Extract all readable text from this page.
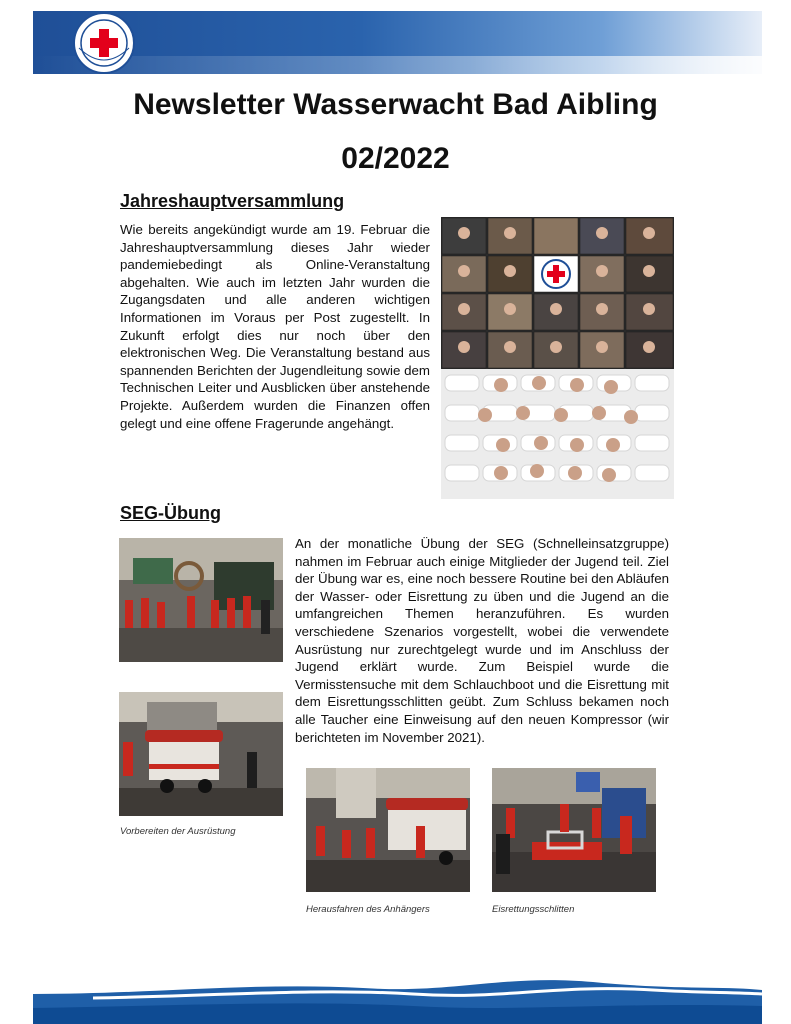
Newsletter Wasserwacht Bad Aibling
02/2022
Jahreshauptversammlung
Wie bereits angekündigt wurde am 19. Februar die Jahreshauptversammlung dieses Jahr wieder pandemiebedingt als Online-Veranstaltung abgehalten. Wie auch im letzten Jahr wurden die Zugangsdaten und alle anderen wichtigen Informationen im Voraus per Post zugestellt. In Zukunft erfolgt dies nur noch über den elektronischen Weg. Die Veranstaltung bestand aus spannenden Berichten der Jugendleitung sowie dem Technischen Leiter und Ausblicken über anstehende Projekte. Außerdem wurden die Finanzen offen gelegt und eine offene Fragerunde angehängt.
SEG-Übung
An der monatliche Übung der SEG (Schnelleinsatzgruppe) nahmen im Februar auch einige Mitglieder der Jugend teil. Ziel der Übung war es, eine noch bessere Routine bei den Abläufen der Wasser- oder Eisrettung zu üben und die Jugend an die umfangreichen Themen heranzuführen. Es wurden verschiedene Szenarios vorgestellt, wobei die verwendete Ausrüstung nur zurechtgelegt wurde und im Anschluss der Jugend erklärt wurde. Zum Beispiel wurde die Vermisstensuche mit dem Schlauchboot und die Eisrettung mit dem Eisrettungsschlitten geübt. Zum Schluss bekamen noch alle Taucher eine Einweisung auf den neuen Kompressor (wir berichteten im November 2021).
Vorbereiten der Ausrüstung
Herausfahren des Anhängers	Eisrettungsschlitten
